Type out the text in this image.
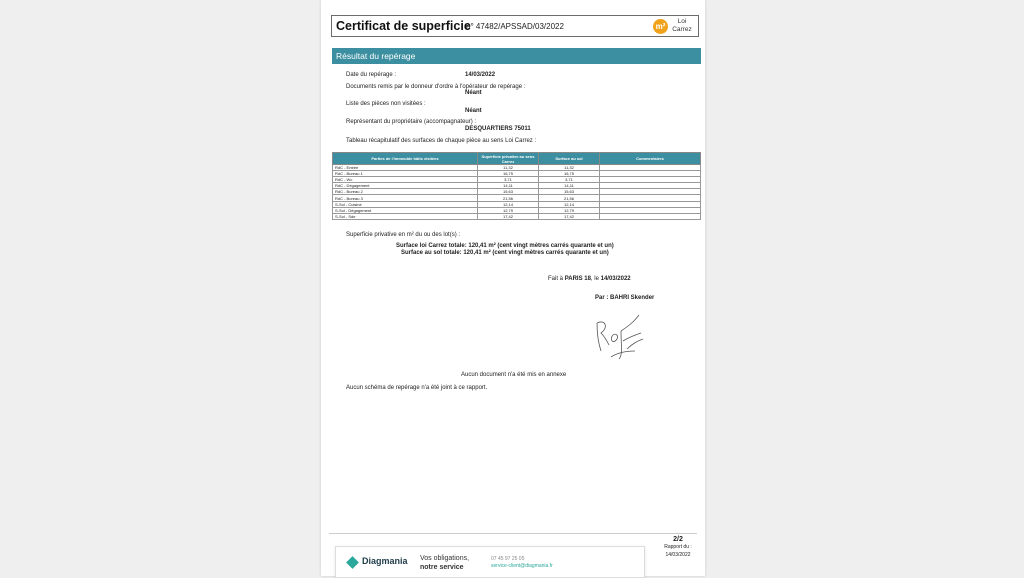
Certificat de superficie
n° 47482/APSSAD/03/2022	m²
Loi
Carrez
Résultat du repérage
Date du repérage :	14/03/2022
Documents remis par le donneur d'ordre à l'opérateur de repérage :
Néant
Liste des pièces non visitées :
Néant
Représentant du propriétaire (accompagnateur) :
DESQUARTIERS 75011
Tableau récapitulatif des surfaces de chaque pièce au sens Loi Carrez :
Parties de l'immeuble bâtis visitées	Superficie privative au sens Carrez	Surface au sol	Commentaires
RdC - Entrée	11,32	11,32	
RdC - Bureau 1	16,75	16,75	
RdC - Wc	3,71	3,71	
RdC - Dégagement	14,11	14,11	
RdC - Bureau 2	15,63	15,63	
RdC - Bureau 3	21,56	21,56	
S-Sol - Cuisine	12,14	12,14	
S-Sol - Dégagement	12,79	12,79	
S-Sol - Sde	17,42	17,42	
Superficie privative en m² du ou des lot(s) :
Surface loi Carrez totale: 120,41 m² (cent vingt mètres carrés quarante et un)
Surface au sol totale: 120,41 m² (cent vingt mètres carrés quarante et un)
Fait à PARIS 18, le 14/03/2022
Par : BAHRI Skender
Aucun document n'a été mis en annexe
Aucun schéma de repérage n'a été joint à ce rapport.
2/2
Rapport du :
14/03/2022
Diagmania Vos obligations,
notre service
07 45 97 25 05
service-client@diagmania.fr
